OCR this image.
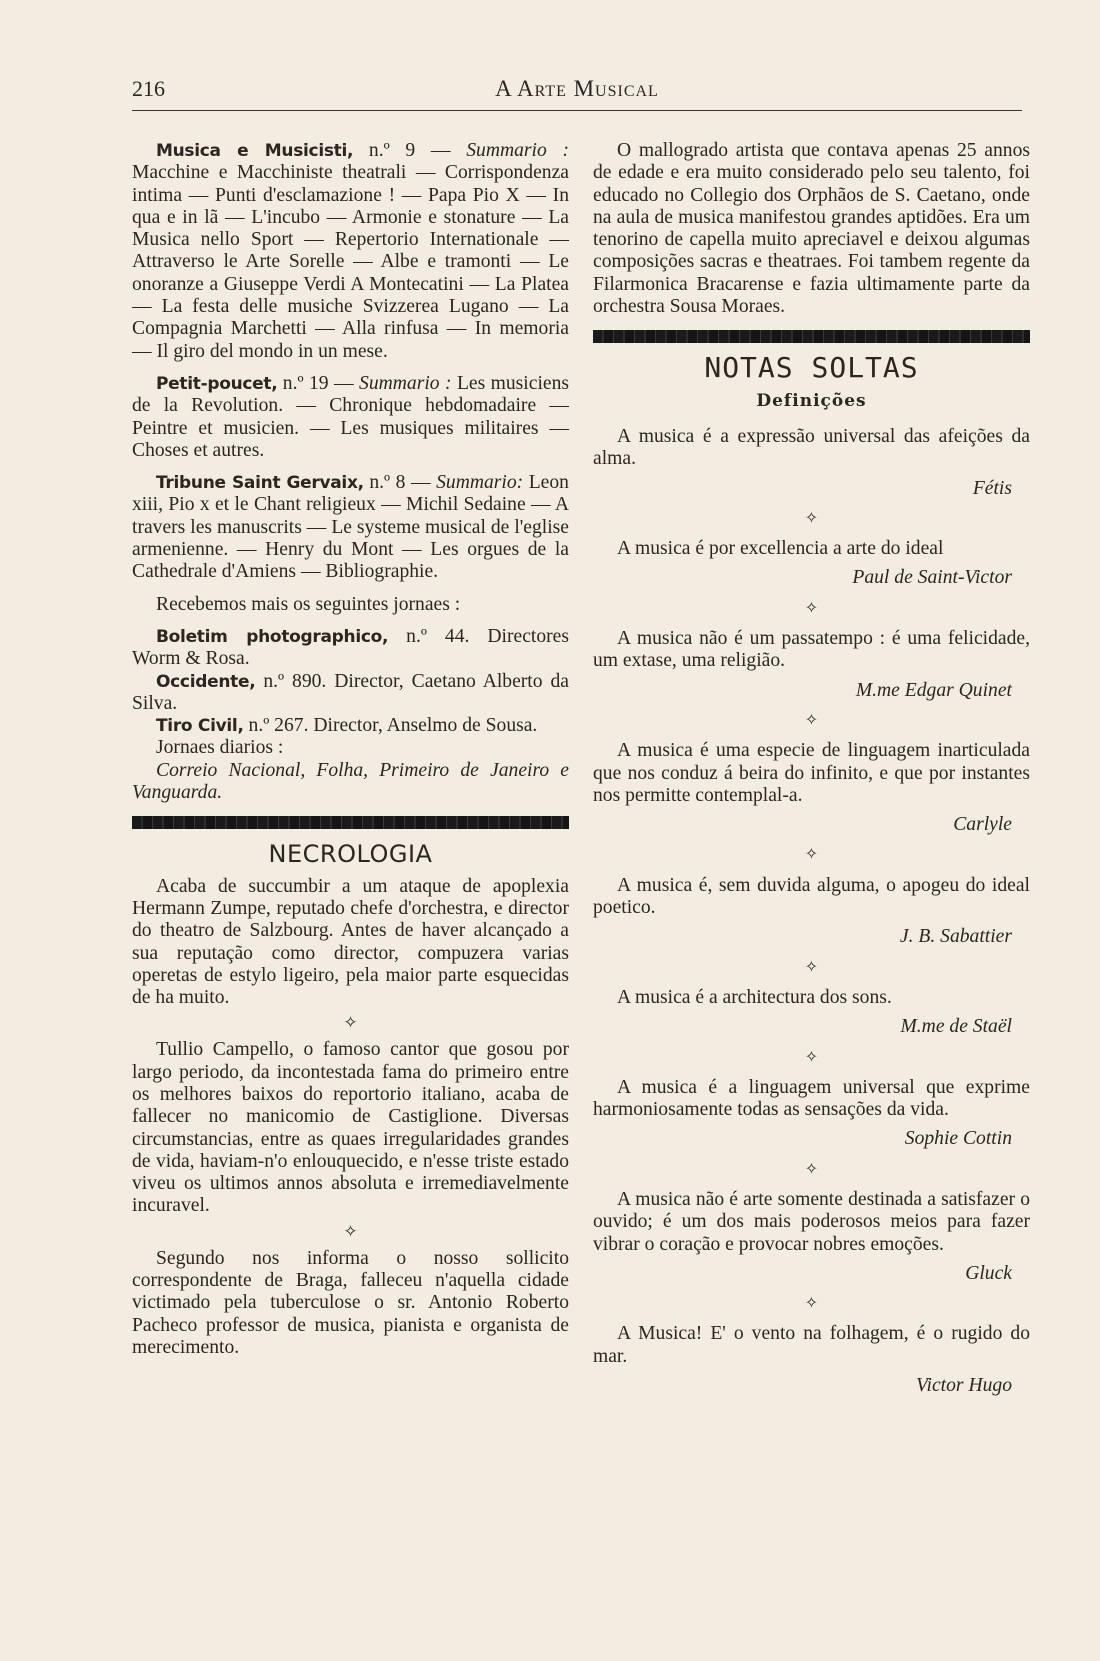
216	A Arte Musical

Musica e Musicisti, n.º 9 — Summario : Macchine e Macchiniste theatrali — Corrispondenza intima — Punti d'esclamazione ! — Papa Pio X — In qua e in lã — L'incubo — Armonie e stonature — La Musica nello Sport — Repertorio Internationale — Attraverso le Arte Sorelle — Albe e tramonti — Le onoranze a Giuseppe Verdi A Montecatini — La Platea — La festa delle musiche Svizzerea Lugano — La Compagnia Marchetti — Alla rinfusa — In memoria — Il giro del mondo in un mese.

Petit-poucet, n.º 19 — Summario : Les musiciens de la Revolution. — Chronique hebdomadaire — Peintre et musicien. — Les musiques militaires — Choses et autres.

Tribune Saint Gervaix, n.º 8 — Summario: Leon xiii, Pio x et le Chant religieux — Michil Sedaine — A travers les manuscrits — Le systeme musical de l'eglise armenienne. — Henry du Mont — Les orgues de la Cathedrale d'Amiens — Bibliographie.

Recebemos mais os seguintes jornaes :

Boletim photographico, n.º 44. Directores Worm & Rosa.

Occidente, n.º 890. Director, Caetano Alberto da Silva.

Tiro Civil, n.º 267. Director, Anselmo de Sousa.

Jornaes diarios :

Correio Nacional, Folha, Primeiro de Janeiro e Vanguarda.

NECROLOGIA

Acaba de succumbir a um ataque de apoplexia Hermann Zumpe, reputado chefe d'orchestra, e director do theatro de Salzbourg. Antes de haver alcançado a sua reputação como director, compuzera varias operetas de estylo ligeiro, pela maior parte esquecidas de ha muito.

✧

Tullio Campello, o famoso cantor que gosou por largo periodo, da incontestada fama do primeiro entre os melhores baixos do reportorio italiano, acaba de fallecer no manicomio de Castiglione. Diversas circumstancias, entre as quaes irregularidades grandes de vida, haviam-n'o enlouquecido, e n'esse triste estado viveu os ultimos annos absoluta e irremediavelmente incuravel.

✧

Segundo nos informa o nosso sollicito correspondente de Braga, falleceu n'aquella cidade victimado pela tuberculose o sr. Antonio Roberto Pacheco professor de musica, pianista e organista de merecimento.

O mallogrado artista que contava apenas 25 annos de edade e era muito considerado pelo seu talento, foi educado no Collegio dos Orphãos de S. Caetano, onde na aula de musica manifestou grandes aptidões. Era um tenorino de capella muito apreciavel e deixou algumas composições sacras e theatraes. Foi tambem regente da Filarmonica Bracarense e fazia ultimamente parte da orchestra Sousa Moraes.

NOTAS SOLTAS
Definições

A musica é a expressão universal das afeições da alma.

Fétis
✧

A musica é por excellencia a arte do ideal

Paul de Saint-Victor
✧

A musica não é um passatempo : é uma felicidade, um extase, uma religião.

M.me Edgar Quinet
✧

A musica é uma especie de linguagem inarticulada que nos conduz á beira do infinito, e que por instantes nos permitte contemplal-a.

Carlyle
✧

A musica é, sem duvida alguma, o apogeu do ideal poetico.

J. B. Sabattier
✧

A musica é a architectura dos sons.

M.me de Staël
✧

A musica é a linguagem universal que exprime harmoniosamente todas as sensações da vida.

Sophie Cottin
✧

A musica não é arte somente destinada a satisfazer o ouvido; é um dos mais poderosos meios para fazer vibrar o coração e provocar nobres emoções.

Gluck
✧

A Musica! E' o vento na folhagem, é o rugido do mar.

Victor Hugo
